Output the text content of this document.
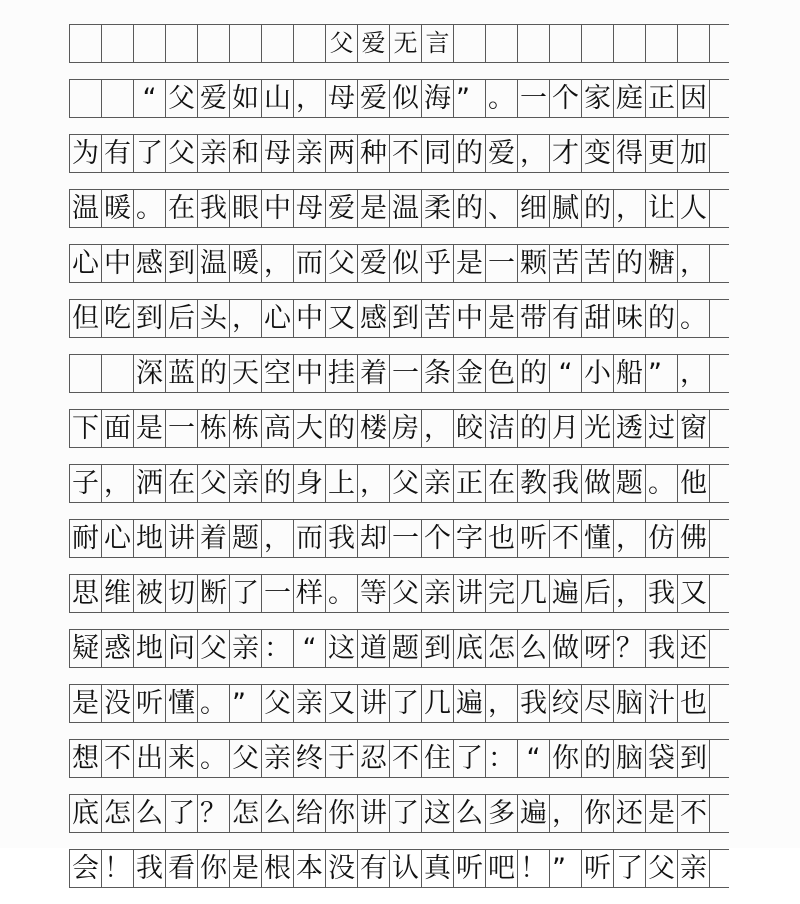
父 爱 无 言
“ 父 爱 如 山 ， 母 爱 似 海 ” 。 一 个 家 庭 正 因
为 有 了 父 亲 和 母 亲 两 种 不 同 的 爱 ， 才 变 得 更 加
温 暖 。 在 我 眼 中 母 爱 是 温 柔 的 、 细 腻 的 ， 让 人
心 中 感 到 温 暖 ， 而 父 爱 似 乎 是 一 颗 苦 苦 的 糖 ，
但 吃 到 后 头 ， 心 中 又 感 到 苦 中 是 带 有 甜 味 的 。
深 蓝 的 天 空 中 挂 着 一 条 金 色 的 “ 小 船 ” ，
下 面 是 一 栋 栋 高 大 的 楼 房 ， 皎 洁 的 月 光 透 过 窗
子 ， 洒 在 父 亲 的 身 上 ， 父 亲 正 在 教 我 做 题 。 他
耐 心 地 讲 着 题 ， 而 我 却 一 个 字 也 听 不 懂 ， 仿 佛
思 维 被 切 断 了 一 样 。 等 父 亲 讲 完 几 遍 后 ， 我 又
疑 惑 地 问 父 亲 ： “ 这 道 题 到 底 怎 么 做 呀 ？ 我 还
是 没 听 懂 。 ” 父 亲 又 讲 了 几 遍 ， 我 绞 尽 脑 汁 也
想 不 出 来 。 父 亲 终 于 忍 不 住 了 ： “ 你 的 脑 袋 到
底 怎 么 了 ？ 怎 么 给 你 讲 了 这 么 多 遍 ， 你 还 是 不
会 ！ 我 看 你 是 根 本 没 有 认 真 听 吧 ！ ” 听 了 父 亲
